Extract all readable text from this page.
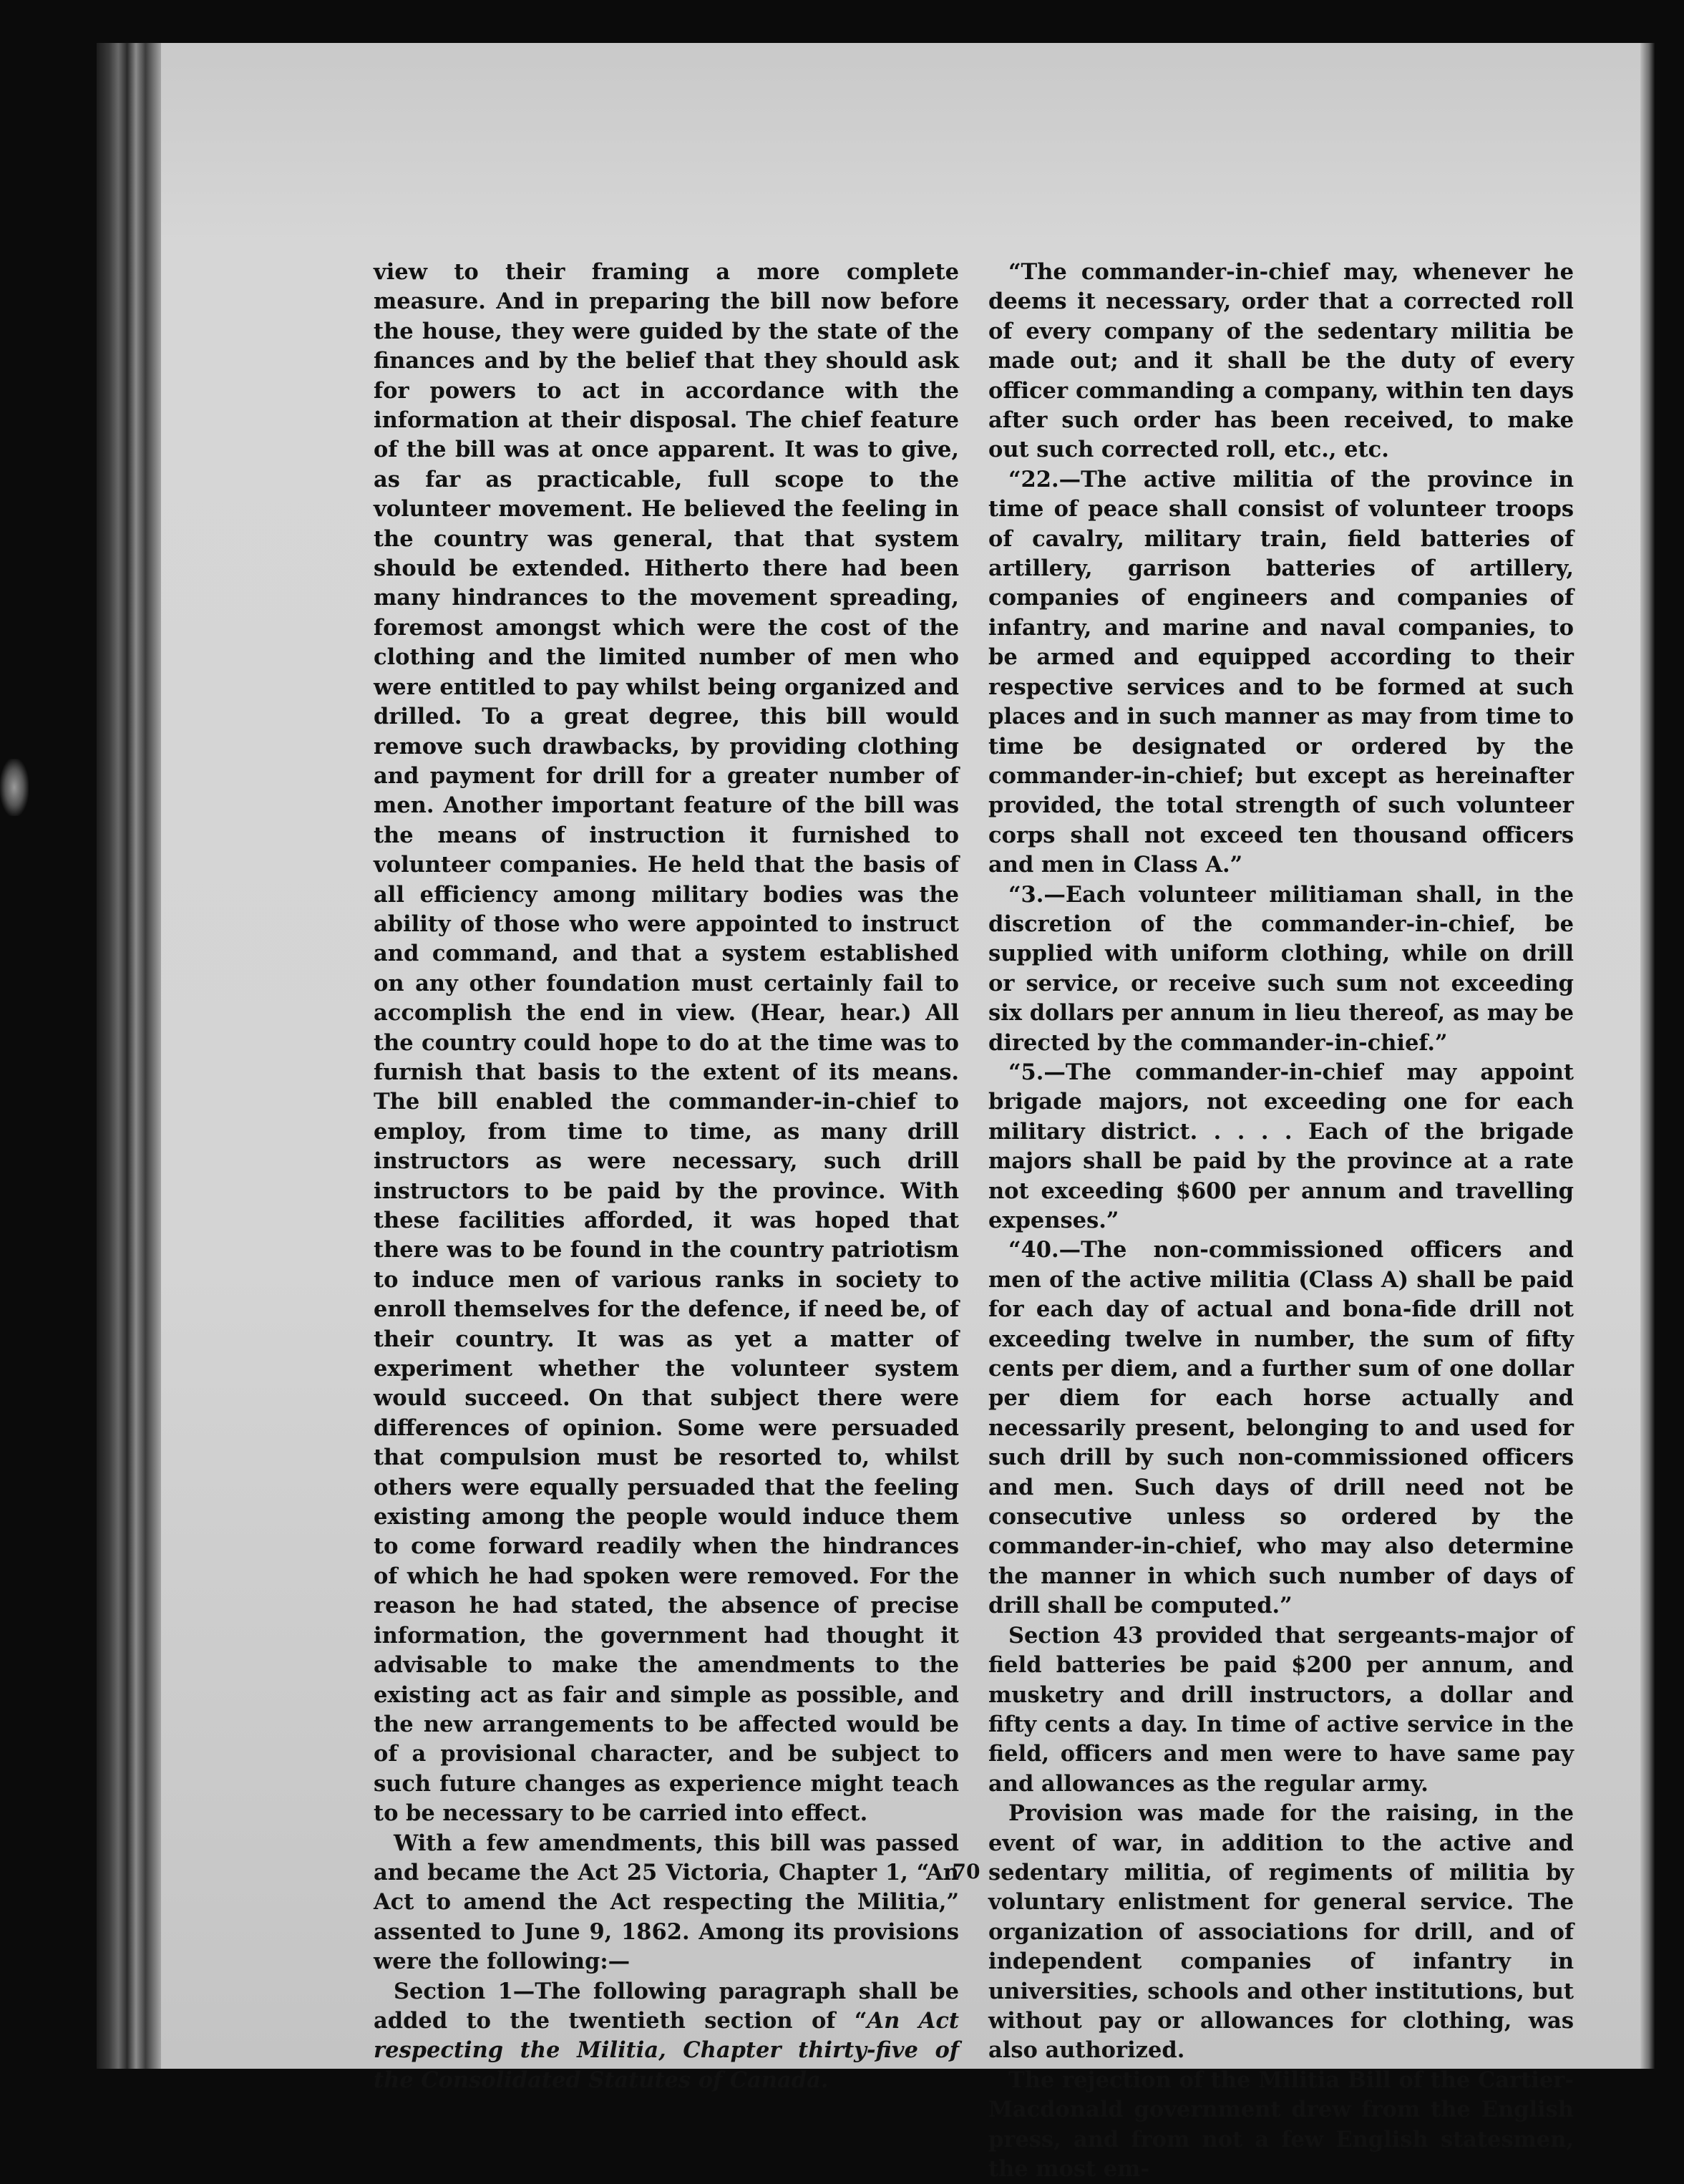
view to their framing a more complete measure. And in preparing the bill now before the house, they were guided by the state of the finances and by the belief that they should ask for powers to act in accordance with the information at their disposal. The chief feature of the bill was at once apparent. It was to give, as far as practicable, full scope to the volunteer movement. He believed the feeling in the country was general, that that system should be extended. Hitherto there had been many hindrances to the movement spreading, foremost amongst which were the cost of the clothing and the limited number of men who were entitled to pay whilst being organized and drilled. To a great degree, this bill would remove such drawbacks, by providing clothing and payment for drill for a greater number of men. Another important feature of the bill was the means of instruction it furnished to volunteer companies. He held that the basis of all efficiency among military bodies was the ability of those who were appointed to instruct and command, and that a system established on any other foundation must certainly fail to accomplish the end in view. (Hear, hear.) All the country could hope to do at the time was to furnish that basis to the extent of its means. The bill enabled the commander-in-chief to employ, from time to time, as many drill instructors as were necessary, such drill instructors to be paid by the province. With these facilities afforded, it was hoped that there was to be found in the country patriotism to induce men of various ranks in society to enroll themselves for the defence, if need be, of their country. It was as yet a matter of experiment whether the volunteer system would succeed. On that subject there were differences of opinion. Some were persuaded that compulsion must be resorted to, whilst others were equally persuaded that the feeling existing among the people would induce them to come forward readily when the hindrances of which he had spoken were removed. For the reason he had stated, the absence of precise information, the government had thought it advisable to make the amendments to the existing act as fair and simple as possible, and the new arrangements to be affected would be of a provisional character, and be subject to such future changes as experience might teach to be necessary to be carried into effect.

With a few amendments, this bill was passed and became the Act 25 Victoria, Chapter 1, “An Act to amend the Act respecting the Militia,” assented to June 9, 1862. Among its provisions were the following:—

Section 1—The following paragraph shall be added to the twentieth section of “An Act respecting the Militia, Chapter thirty-five of the Consolidated Statutes of Canada.

“The commander-in-chief may, whenever he deems it necessary, order that a corrected roll of every company of the sedentary militia be made out; and it shall be the duty of every officer commanding a company, within ten days after such order has been received, to make out such corrected roll, etc., etc.

“22.—The active militia of the province in time of peace shall consist of volunteer troops of cavalry, military train, field batteries of artillery, garrison batteries of artillery, companies of engineers and companies of infantry, and marine and naval companies, to be armed and equipped according to their respective services and to be formed at such places and in such manner as may from time to time be designated or ordered by the commander-in-chief; but except as hereinafter provided, the total strength of such volunteer corps shall not exceed ten thousand officers and men in Class A.”

“3.—Each volunteer militiaman shall, in the discretion of the commander-in-chief, be supplied with uniform clothing, while on drill or service, or receive such sum not exceeding six dollars per annum in lieu thereof, as may be directed by the commander-in-chief.”

“5.—The commander-in-chief may appoint brigade majors, not exceeding one for each military district. . . . . Each of the brigade majors shall be paid by the province at a rate not exceeding $600 per annum and travelling expenses.”

“40.—The non-commissioned officers and men of the active militia (Class A) shall be paid for each day of actual and bona-fide drill not exceeding twelve in number, the sum of fifty cents per diem, and a further sum of one dollar per diem for each horse actually and necessarily present, belonging to and used for such drill by such non-commissioned officers and men. Such days of drill need not be consecutive unless so ordered by the commander-in-chief, who may also determine the manner in which such number of days of drill shall be computed.”

Section 43 provided that sergeants-major of field batteries be paid $200 per annum, and musketry and drill instructors, a dollar and fifty cents a day. In time of active service in the field, officers and men were to have same pay and allowances as the regular army.

Provision was made for the raising, in the event of war, in addition to the active and sedentary militia, of regiments of militia by voluntary enlistment for general service. The organization of associations for drill, and of independent companies of infantry in universities, schools and other institutions, but without pay or allowances for clothing, was also authorized.

The rejection of the Militia Bill of the Cartier-Macdonald government drew from the English press, and from not a few English statesmen, the most em-

70
